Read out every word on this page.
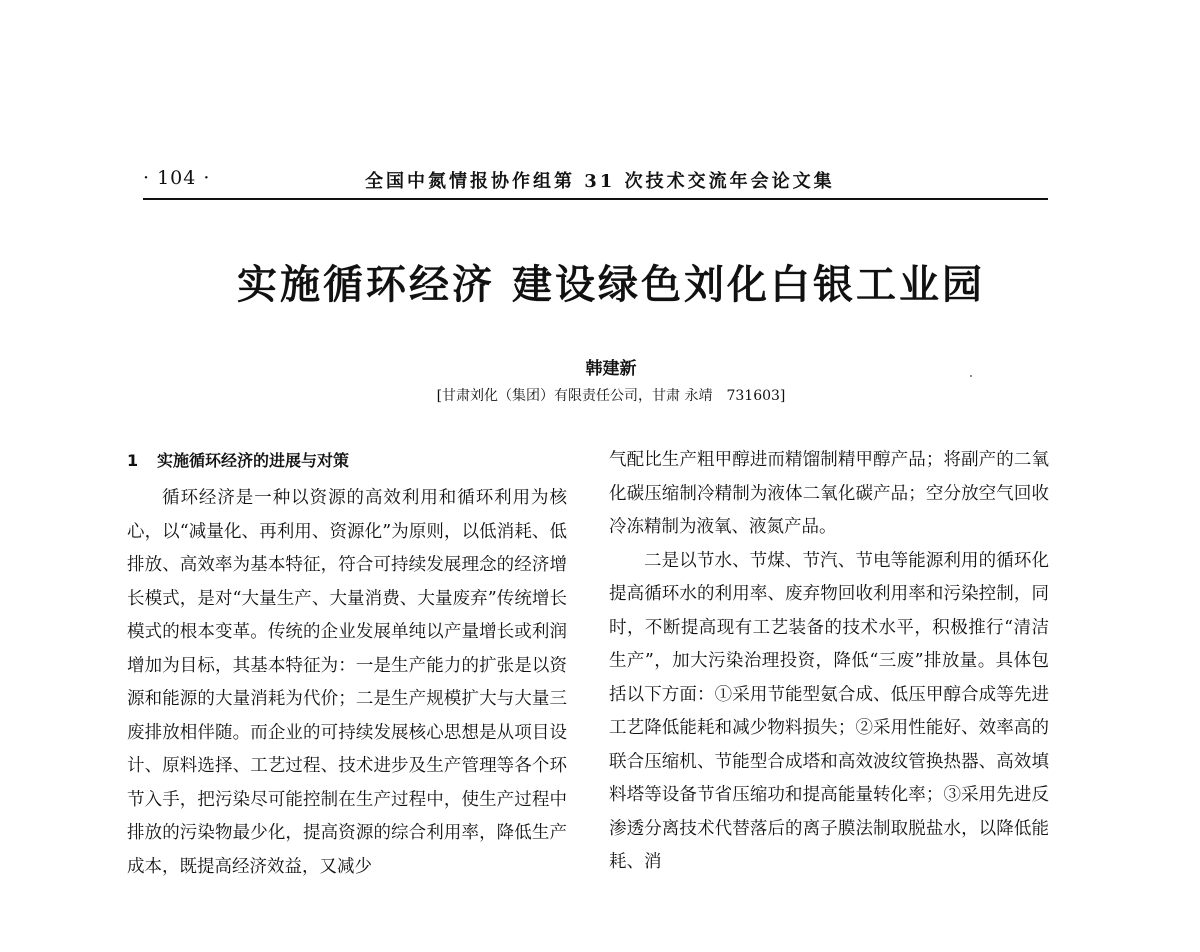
· 104 ·	全国中氮情报协作组第 31 次技术交流年会论文集
实施循环经济 建设绿色刘化白银工业园
韩建新
[甘肃刘化（集团）有限责任公司，甘肃 永靖　731603]
1 实施循环经济的进展与对策

循环经济是一种以资源的高效利用和循环利用为核心，以“减量化、再利用、资源化”为原则，以低消耗、低排放、高效率为基本特征，符合可持续发展理念的经济增长模式，是对“大量生产、大量消费、大量废弃”传统增长模式的根本变革。传统的企业发展单纯以产量增长或利润增加为目标，其基本特征为：一是生产能力的扩张是以资源和能源的大量消耗为代价；二是生产规模扩大与大量三废排放相伴随。而企业的可持续发展核心思想是从项目设计、原料选择、工艺过程、技术进步及生产管理等各个环节入手，把污染尽可能控制在生产过程中，使生产过程中排放的污染物最少化，提高资源的综合利用率，降低生产成本，既提高经济效益，又减少

气配比生产粗甲醇进而精馏制精甲醇产品；将副产的二氧化碳压缩制冷精制为液体二氧化碳产品；空分放空气回收冷冻精制为液氧、液氮产品。

二是以节水、节煤、节汽、节电等能源利用的循环化提高循环水的利用率、废弃物回收利用率和污染控制，同时，不断提高现有工艺装备的技术水平，积极推行“清洁生产”，加大污染治理投资，降低“三废”排放量。具体包括以下方面：①采用节能型氨合成、低压甲醇合成等先进工艺降低能耗和减少物料损失；②采用性能好、效率高的联合压缩机、节能型合成塔和高效波纹管换热器、高效填料塔等设备节省压缩功和提高能量转化率；③采用先进反渗透分离技术代替落后的离子膜法制取脱盐水，以降低能耗、消
